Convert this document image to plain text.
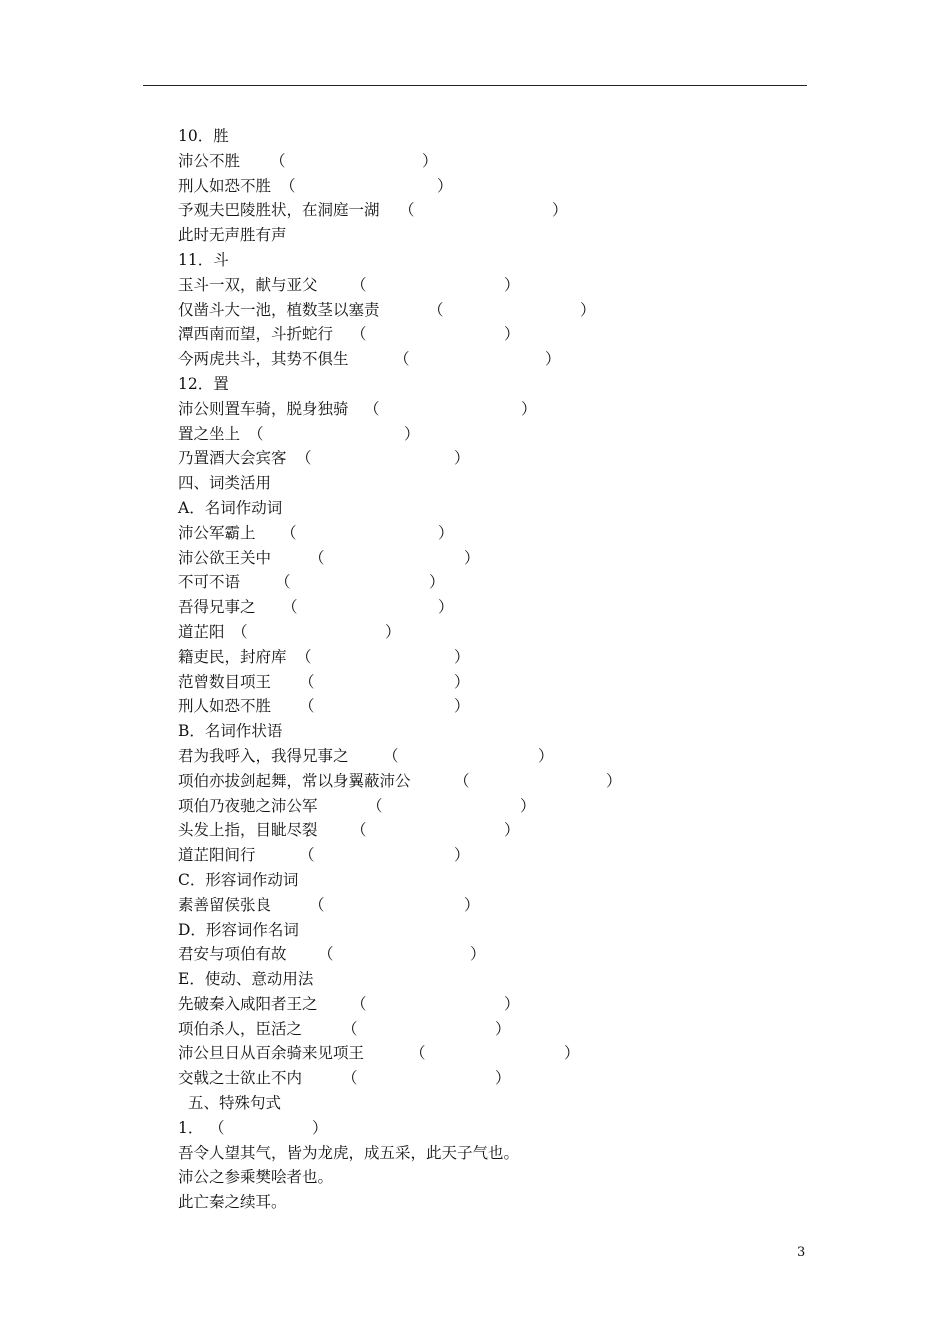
10．胜
沛公不胜 （	）
刑人如恐不胜 （	）
予观夫巴陵胜状，在洞庭一湖 （	）
此时无声胜有声
11．斗
玉斗一双，献与亚父 （	）
仅凿斗大一池，植数茎以塞责	（	）
潭西南而望，斗折蛇行 （	）
今两虎共斗，其势不俱生	（	）
12．置
沛公则置车骑，脱身独骑 （	）
置之坐上 （	）
乃置酒大会宾客 （	）
四、词类活用
A．名词作动词
沛公军霸上 （	）
沛公欲王关中 （	）
不可不语 （	）
吾得兄事之 （	）
道芷阳 （	）
籍吏民，封府库 （	）
范曾数目项王 （	）
刑人如恐不胜 （	）
B．名词作状语
君为我呼入，我得兄事之 （	）
项伯亦拔剑起舞，常以身翼蔽沛公	（	）
项伯乃夜驰之沛公军	（	）
头发上指，目眦尽裂 （	）
道芷阳间行	（	）
C．形容词作动词
素善留侯张良 （	）
D．形容词作名词
君安与项伯有故 （	）
E．使动、意动用法
先破秦入咸阳者王之 （	）
项伯杀人，臣活之	（	）
沛公旦日从百余骑来见项王	（	）
交戟之士欲止不内	（	）
五、特殊句式
1． （	）
吾令人望其气，皆为龙虎，成五采，此天子气也。
沛公之参乘樊哙者也。
此亡秦之续耳。
3
